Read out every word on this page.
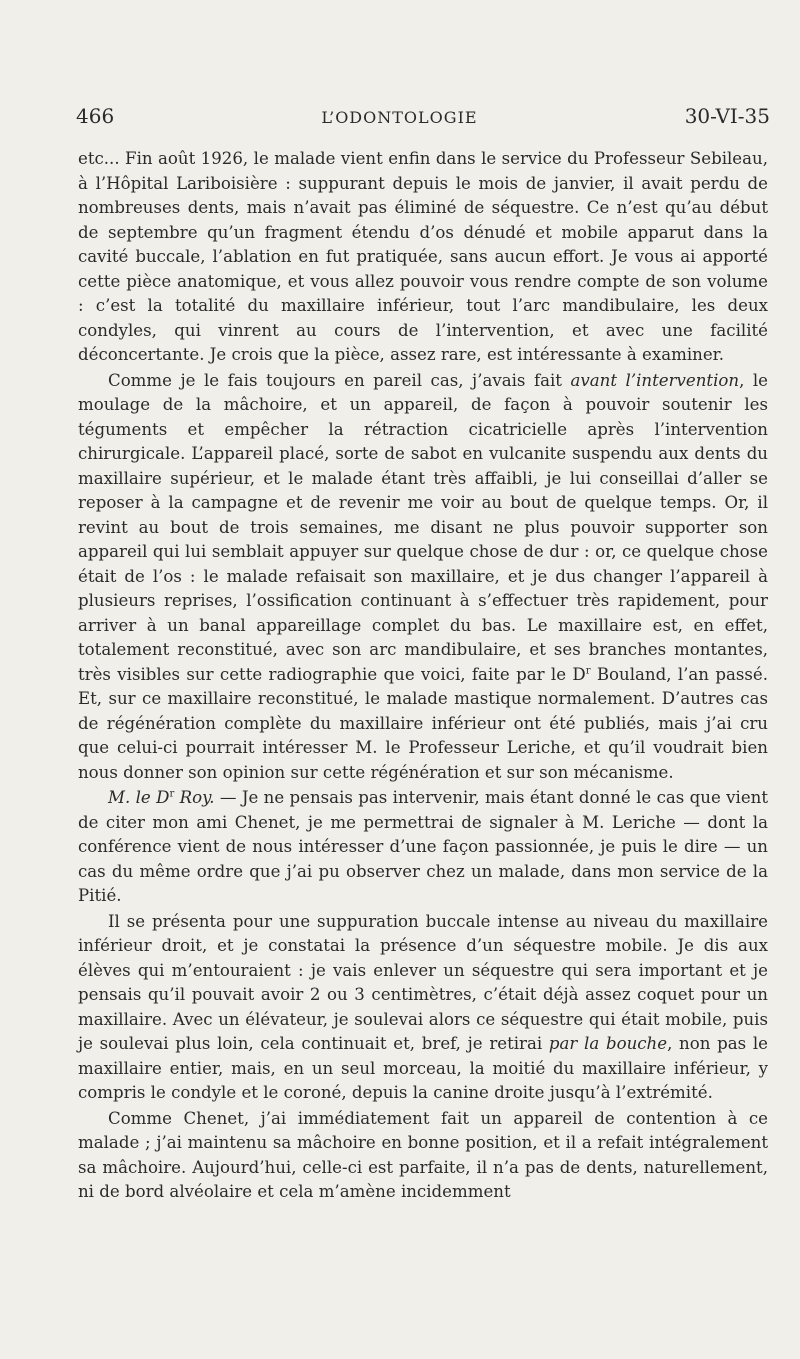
466	L’ODONTOLOGIE	30-VI-35

etc... Fin août 1926, le malade vient enfin dans le service du Professeur Sebileau, à l’Hôpital Lariboisière : suppurant depuis le mois de janvier, il avait perdu de nombreuses dents, mais n’avait pas éliminé de séquestre. Ce n’est qu’au début de septembre qu’un fragment étendu d’os dénudé et mobile apparut dans la cavité buccale, l’ablation en fut pratiquée, sans aucun effort. Je vous ai apporté cette pièce anatomique, et vous allez pouvoir vous rendre compte de son volume : c’est la totalité du maxillaire inférieur, tout l’arc mandibulaire, les deux condyles, qui vinrent au cours de l’intervention, et avec une facilité déconcertante. Je crois que la pièce, assez rare, est intéressante à examiner.

Comme je le fais toujours en pareil cas, j’avais fait avant l’intervention, le moulage de la mâchoire, et un appareil, de façon à pouvoir soutenir les téguments et empêcher la rétraction cicatricielle après l’intervention chirurgicale. L’appareil placé, sorte de sabot en vulcanite suspendu aux dents du maxillaire supérieur, et le malade étant très affaibli, je lui conseillai d’aller se reposer à la campagne et de revenir me voir au bout de quelque temps. Or, il revint au bout de trois semaines, me disant ne plus pouvoir supporter son appareil qui lui semblait appuyer sur quelque chose de dur : or, ce quelque chose était de l’os : le malade refaisait son maxillaire, et je dus changer l’appareil à plusieurs reprises, l’ossification continuant à s’effectuer très rapidement, pour arriver à un banal appareillage complet du bas. Le maxillaire est, en effet, totalement reconstitué, avec son arc mandibulaire, et ses branches montantes, très visibles sur cette radiographie que voici, faite par le $D^r$ Bouland, l’an passé. Et, sur ce maxillaire reconstitué, le malade mastique normalement. D’autres cas de régénération complète du maxillaire inférieur ont été publiés, mais j’ai cru que celui-ci pourrait intéresser M. le Professeur Leriche, et qu’il voudrait bien nous donner son opinion sur cette régénération et sur son mécanisme.

M. le $D^r$ Roy. — Je ne pensais pas intervenir, mais étant donné le cas que vient de citer mon ami Chenet, je me permettrai de signaler à M. Leriche — dont la conférence vient de nous intéresser d’une façon passionnée, je puis le dire — un cas du même ordre que j’ai pu observer chez un malade, dans mon service de la Pitié.

Il se présenta pour une suppuration buccale intense au niveau du maxillaire inférieur droit, et je constatai la présence d’un séquestre mobile. Je dis aux élèves qui m’entouraient : je vais enlever un séquestre qui sera important et je pensais qu’il pouvait avoir 2 ou 3 centimètres, c’était déjà assez coquet pour un maxillaire. Avec un élévateur, je soulevai alors ce séquestre qui était mobile, puis je soulevai plus loin, cela continuait et, bref, je retirai par la bouche, non pas le maxillaire entier, mais, en un seul morceau, la moitié du maxillaire inférieur, y compris le condyle et le coroné, depuis la canine droite jusqu’à l’extrémité.

Comme Chenet, j’ai immédiatement fait un appareil de contention à ce malade ; j’ai maintenu sa mâchoire en bonne position, et il a refait intégralement sa mâchoire. Aujourd’hui, celle-ci est parfaite, il n’a pas de dents, naturellement, ni de bord alvéolaire et cela m’amène incidemment
